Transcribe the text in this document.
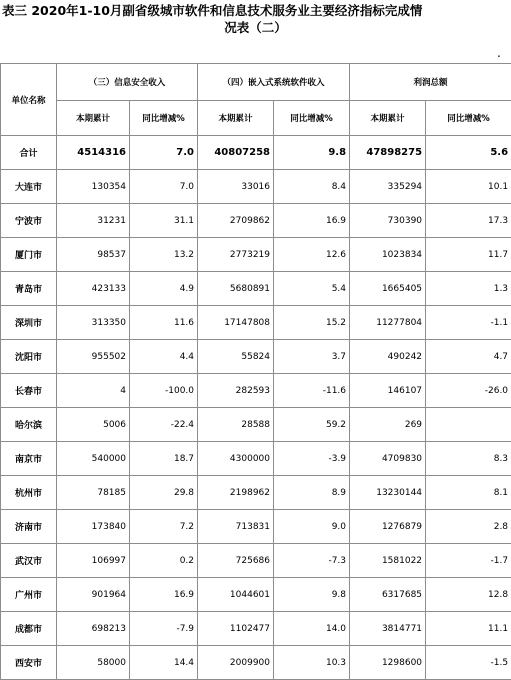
表三 2020年1-10月副省级城市软件和信息技术服务业主要经济指标完成情
况表（二）
.
单位名称	（三）信息安全收入		（四）嵌入式系统软件收入		利润总额	
	本期累计	同比增减%	本期累计	同比增减%	本期累计	同比增减%
合计	4514316	7.0	40807258	9.8	47898275	5.6
大连市	130354	7.0	33016	8.4	335294	10.1
宁波市	31231	31.1	2709862	16.9	730390	17.3
厦门市	98537	13.2	2773219	12.6	1023834	11.7
青岛市	423133	4.9	5680891	5.4	1665405	1.3
深圳市	313350	11.6	17147808	15.2	11277804	-1.1
沈阳市	955502	4.4	55824	3.7	490242	4.7
长春市	4	-100.0	282593	-11.6	146107	-26.0
哈尔滨	5006	-22.4	28588	59.2	269	
南京市	540000	18.7	4300000	-3.9	4709830	8.3
杭州市	78185	29.8	2198962	8.9	13230144	8.1
济南市	173840	7.2	713831	9.0	1276879	2.8
武汉市	106997	0.2	725686	-7.3	1581022	-1.7
广州市	901964	16.9	1044601	9.8	6317685	12.8
成都市	698213	-7.9	1102477	14.0	3814771	11.1
西安市	58000	14.4	2009900	10.3	1298600	-1.5
